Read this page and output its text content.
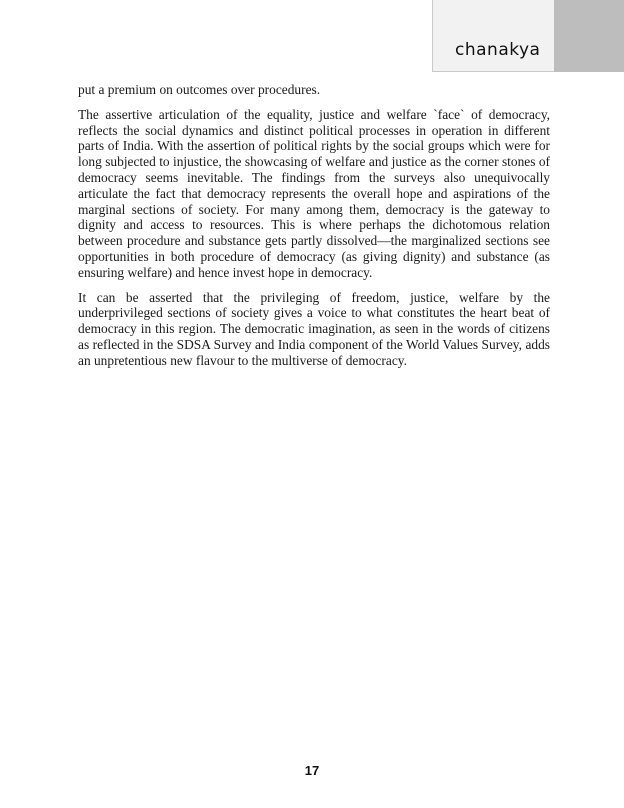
chanakya

put a premium on outcomes over procedures.

The assertive articulation of the equality, justice and welfare `face` of democracy, reflects the social dynamics and distinct political processes in operation in different parts of India. With the assertion of political rights by the social groups which were for long subjected to injustice, the showcasing of welfare and justice as the corner stones of democracy seems inevitable. The findings from the surveys also unequivocally articulate the fact that democracy represents the overall hope and aspirations of the marginal sections of society. For many among them, democracy is the gateway to dignity and access to resources. This is where perhaps the dichotomous relation between procedure and substance gets partly dissolved—the marginalized sections see opportunities in both procedure of democracy (as giving dignity) and substance (as ensuring welfare) and hence invest hope in democracy.

It can be asserted that the privileging of freedom, justice, welfare by the underprivileged sections of society gives a voice to what constitutes the heart beat of democracy in this region. The democratic imagination, as seen in the words of citizens as reflected in the SDSA Survey and India component of the World Values Survey, adds an unpretentious new flavour to the multiverse of democracy.

17
